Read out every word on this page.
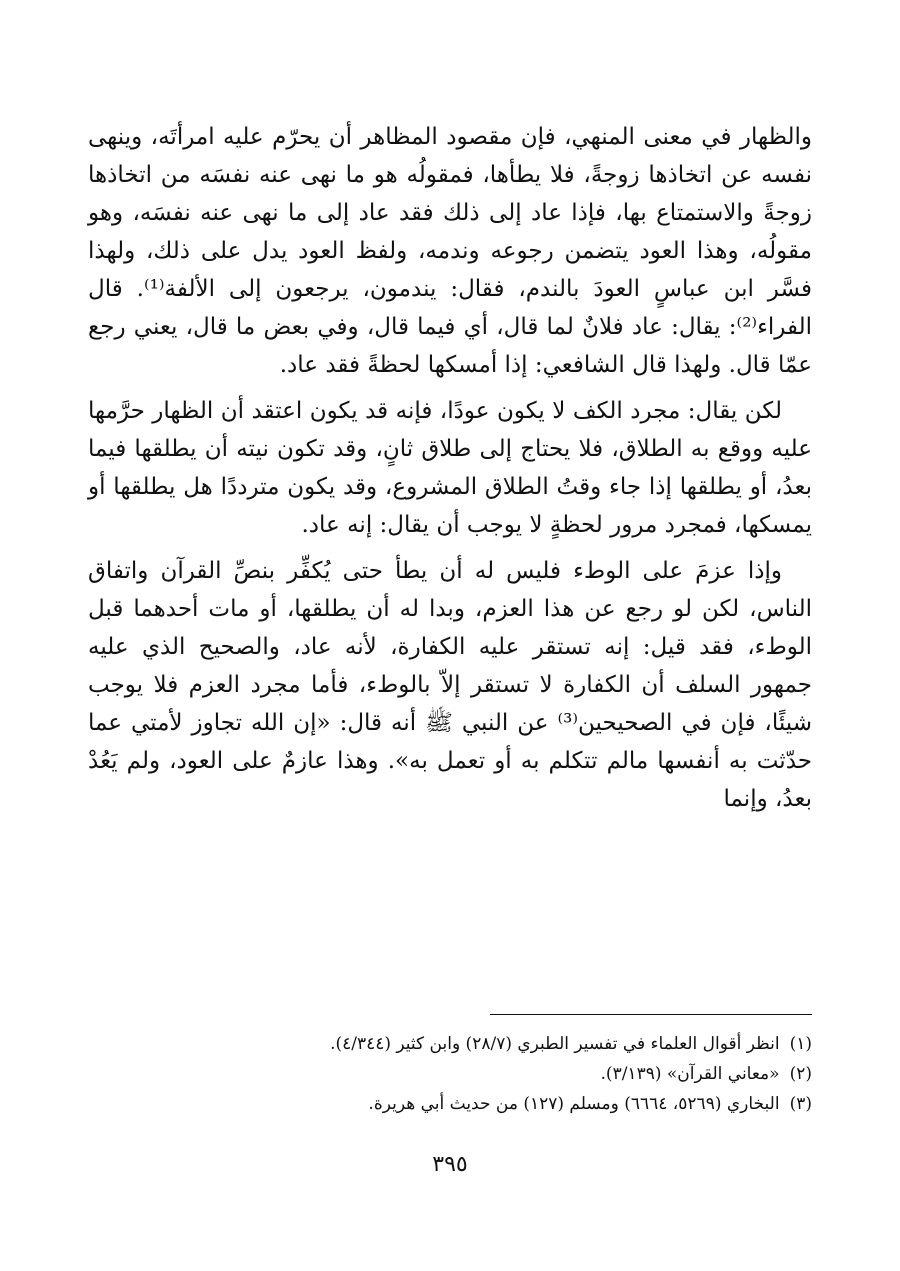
والظهار في معنى المنهي، فإن مقصود المظاهر أن يحرّم عليه امرأتَه، وينهى نفسه عن اتخاذها زوجةً، فلا يطأها، فمقولُه هو ما نهى عنه نفسَه من اتخاذها زوجةً والاستمتاع بها، فإذا عاد إلى ذلك فقد عاد إلى ما نهى عنه نفسَه، وهو مقولُه، وهذا العود يتضمن رجوعه وندمه، ولفظ العود يدل على ذلك، ولهذا فسَّر ابن عباسٍ العودَ بالندم، فقال: يندمون، يرجعون إلى الألفة⁽¹⁾. قال الفراء⁽²⁾: يقال: عاد فلانٌ لما قال، أي فيما قال، وفي بعض ما قال، يعني رجع عمّا قال. ولهذا قال الشافعي: إذا أمسكها لحظةً فقد عاد.

لكن يقال: مجرد الكف لا يكون عودًا، فإنه قد يكون اعتقد أن الظهار حرَّمها عليه ووقع به الطلاق، فلا يحتاج إلى طلاق ثانٍ، وقد تكون نيته أن يطلقها فيما بعدُ، أو يطلقها إذا جاء وقتُ الطلاق المشروع، وقد يكون مترددًا هل يطلقها أو يمسكها، فمجرد مرور لحظةٍ لا يوجب أن يقال: إنه عاد.

وإذا عزمَ على الوطء فليس له أن يطأ حتى يُكفِّر بنصِّ القرآن واتفاق الناس، لكن لو رجع عن هذا العزم، وبدا له أن يطلقها، أو مات أحدهما قبل الوطء، فقد قيل: إنه تستقر عليه الكفارة، لأنه عاد، والصحيح الذي عليه جمهور السلف أن الكفارة لا تستقر إلاّ بالوطء، فأما مجرد العزم فلا يوجب شيئًا، فإن في الصحيحين⁽³⁾ عن النبي ﷺ أنه قال: «إن الله تجاوز لأمتي عما حدّثت به أنفسها مالم تتكلم به أو تعمل به». وهذا عازمٌ على العود، ولم يَعُدْ بعدُ، وإنما

(١)
انظر أقوال العلماء في تفسير الطبري (٢٨/٧) وابن كثير (٤/٣٤٤).
(٢)
«معاني القرآن» (٣/١٣٩).
(٣)
البخاري (٥٢٦٩، ٦٦٦٤) ومسلم (١٢٧) من حديث أبي هريرة.
٣٩٥
